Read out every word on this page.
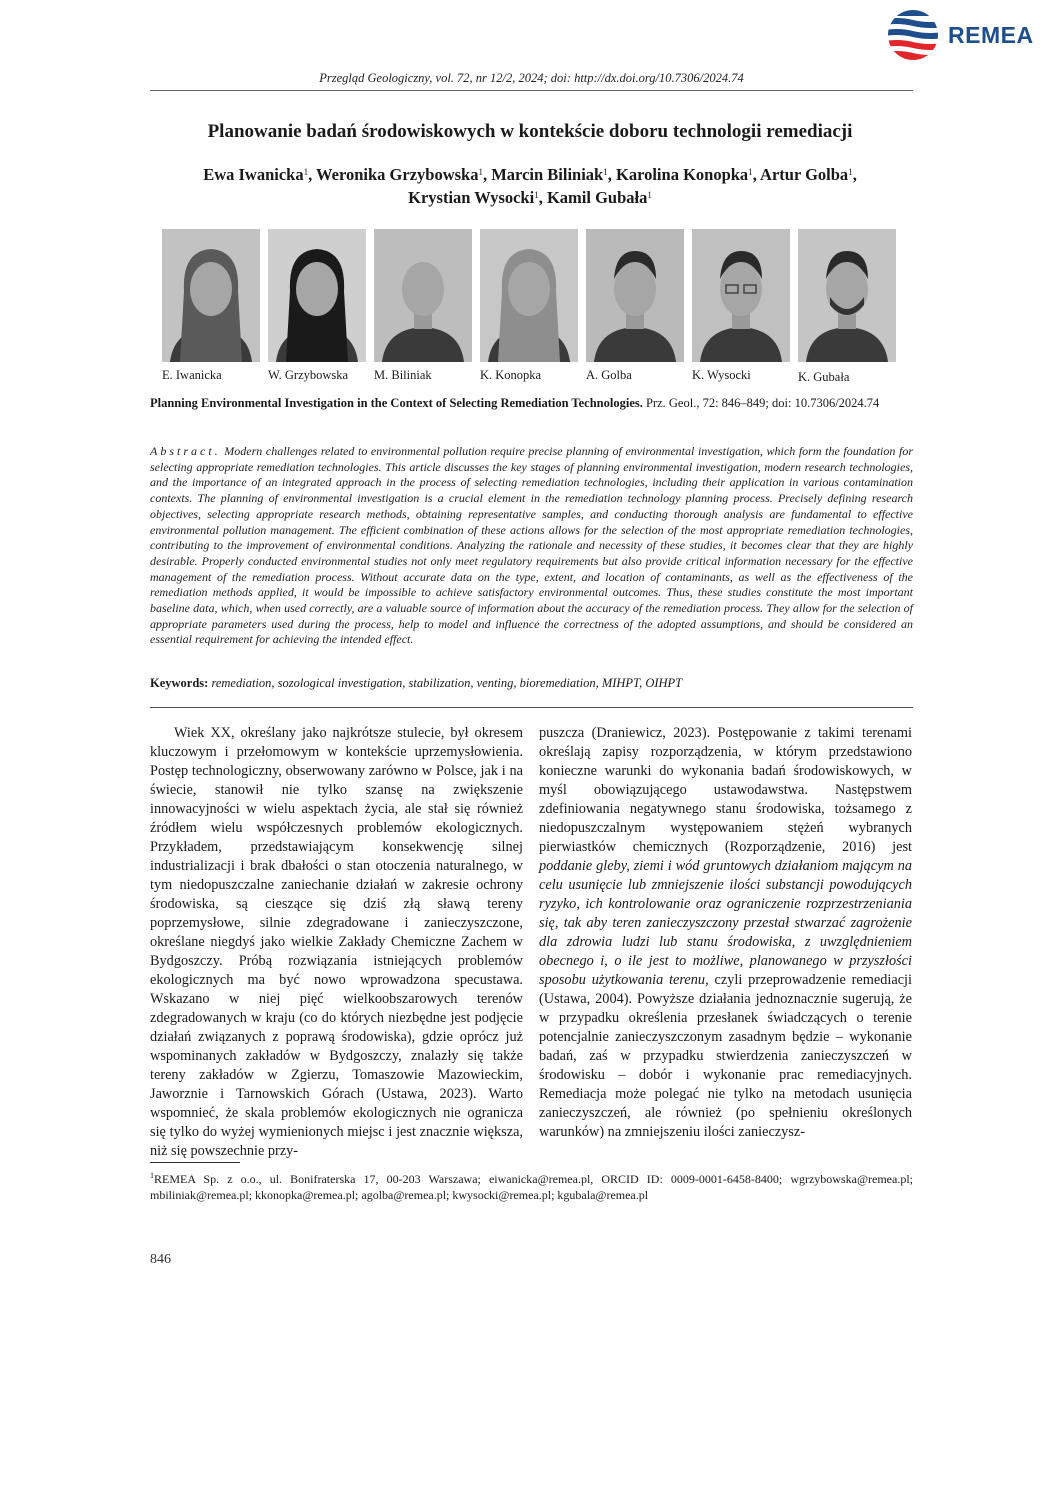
REMEA
Przegląd Geologiczny, vol. 72, nr 12/2, 2024; doi: http://dx.doi.org/10.7306/2024.74
Planowanie badań środowiskowych w kontekście doboru technologii remediacji
Ewa Iwanicka$^1$, Weronika Grzybowska$^1$, Marcin Biliniak$^1$, Karolina Konopka$^1$, Artur Golba$^1$,
Krystian Wysocki$^1$, Kamil Gubała$^1$
E. Iwanicka	W. Grzybowska M. Biliniak	K. Konopka	A. Golba	K. Wysocki	K. Gubała
Planning Environmental Investigation in the Context of Selecting Remediation Technologies. Prz. Geol., 72: 846–849; doi: 10.7306/2024.74
Abstract. Modern challenges related to environmental pollution require precise planning of environmental investigation, which form the foundation for selecting appropriate remediation technologies. This article discusses the key stages of planning environmental investigation, modern research technologies, and the importance of an integrated approach in the process of selecting remediation technologies, including their application in various contamination contexts. The planning of environmental investigation is a crucial element in the remediation technology planning process. Precisely defining research objectives, selecting appropriate research methods, obtaining representative samples, and conducting thorough analysis are fundamental to effective environmental pollution management. The efficient combination of these actions allows for the selection of the most appropriate remediation technologies, contributing to the improvement of environmental conditions. Analyzing the rationale and necessity of these studies, it becomes clear that they are highly desirable. Properly conducted environmental studies not only meet regulatory requirements but also provide critical information necessary for the effective management of the remediation process. Without accurate data on the type, extent, and location of contaminants, as well as the effectiveness of the remediation methods applied, it would be impossible to achieve satisfactory environmental outcomes. Thus, these studies constitute the most important baseline data, which, when used correctly, are a valuable source of information about the accuracy of the remediation process. They allow for the selection of appropriate parameters used during the process, help to model and influence the correctness of the adopted assumptions, and should be considered an essential requirement for achieving the intended effect.
Keywords: remediation, sozological investigation, stabilization, venting, bioremediation, MIHPT, OIHPT

Wiek XX, określany jako najkrótsze stulecie, był okresem kluczowym i przełomowym w kontekście uprzemysłowienia. Postęp technologiczny, obserwowany zarówno w Polsce, jak i na świecie, stanowił nie tylko szansę na zwiększenie innowacyjności w wielu aspektach życia, ale stał się również źródłem wielu współczesnych problemów ekologicznych. Przykładem, przedstawiającym konsekwencję silnej industrializacji i brak dbałości o stan otoczenia naturalnego, w tym niedopuszczalne zaniechanie działań w zakresie ochrony środowiska, są cieszące się dziś złą sławą tereny poprzemysłowe, silnie zdegradowane i zanieczyszczone, określane niegdyś jako wielkie Zakłady Chemiczne Zachem w Bydgoszczy. Próbą rozwiązania istniejących problemów ekologicznych ma być nowo wprowadzona specustawa. Wskazano w niej pięć wielkoobszarowych terenów zdegradowanych w kraju (co do których niezbędne jest podjęcie działań związanych z poprawą środowiska), gdzie oprócz już wspominanych zakładów w Bydgoszczy, znalazły się także tereny zakładów w Zgierzu, Tomaszowie Mazowieckim, Jaworznie i Tarnowskich Górach (Ustawa, 2023). Warto wspomnieć, że skala problemów ekologicznych nie ogranicza się tylko do wyżej wymienionych miejsc i jest znacznie większa, niż się powszechnie przy-

puszcza (Draniewicz, 2023). Postępowanie z takimi terenami określają zapisy rozporządzenia, w którym przedstawiono konieczne warunki do wykonania badań środowiskowych, w myśl obowiązującego ustawodawstwa. Następstwem zdefiniowania negatywnego stanu środowiska, tożsamego z niedopuszczalnym występowaniem stężeń wybranych pierwiastków chemicznych (Rozporządzenie, 2016) jest poddanie gleby, ziemi i wód gruntowych działaniom mającym na celu usunięcie lub zmniejszenie ilości substancji powodujących ryzyko, ich kontrolowanie oraz ograniczenie rozprzestrzeniania się, tak aby teren zanieczyszczony przestał stwarzać zagrożenie dla zdrowia ludzi lub stanu środowiska, z uwzględnieniem obecnego i, o ile jest to możliwe, planowanego w przyszłości sposobu użytkowania terenu, czyli przeprowadzenie remediacji (Ustawa, 2004). Powyższe działania jednoznacznie sugerują, że w przypadku określenia przesłanek świadczących o terenie potencjalnie zanieczyszczonym zasadnym będzie – wykonanie badań, zaś w przypadku stwierdzenia zanieczyszczeń w środowisku – dobór i wykonanie prac remediacyjnych. Remediacja może polegać nie tylko na metodach usunięcia zanieczyszczeń, ale również (po spełnieniu określonych warunków) na zmniejszeniu ilości zanieczysz-

$^1$REMEA Sp. z o.o., ul. Bonifraterska 17, 00-203 Warszawa; eiwanicka@remea.pl, ORCID ID: 0009-0001-6458-8400; wgrzybowska@remea.pl; mbiliniak@remea.pl; kkonopka@remea.pl; agolba@remea.pl; kwysocki@remea.pl; kgubala@remea.pl
846
